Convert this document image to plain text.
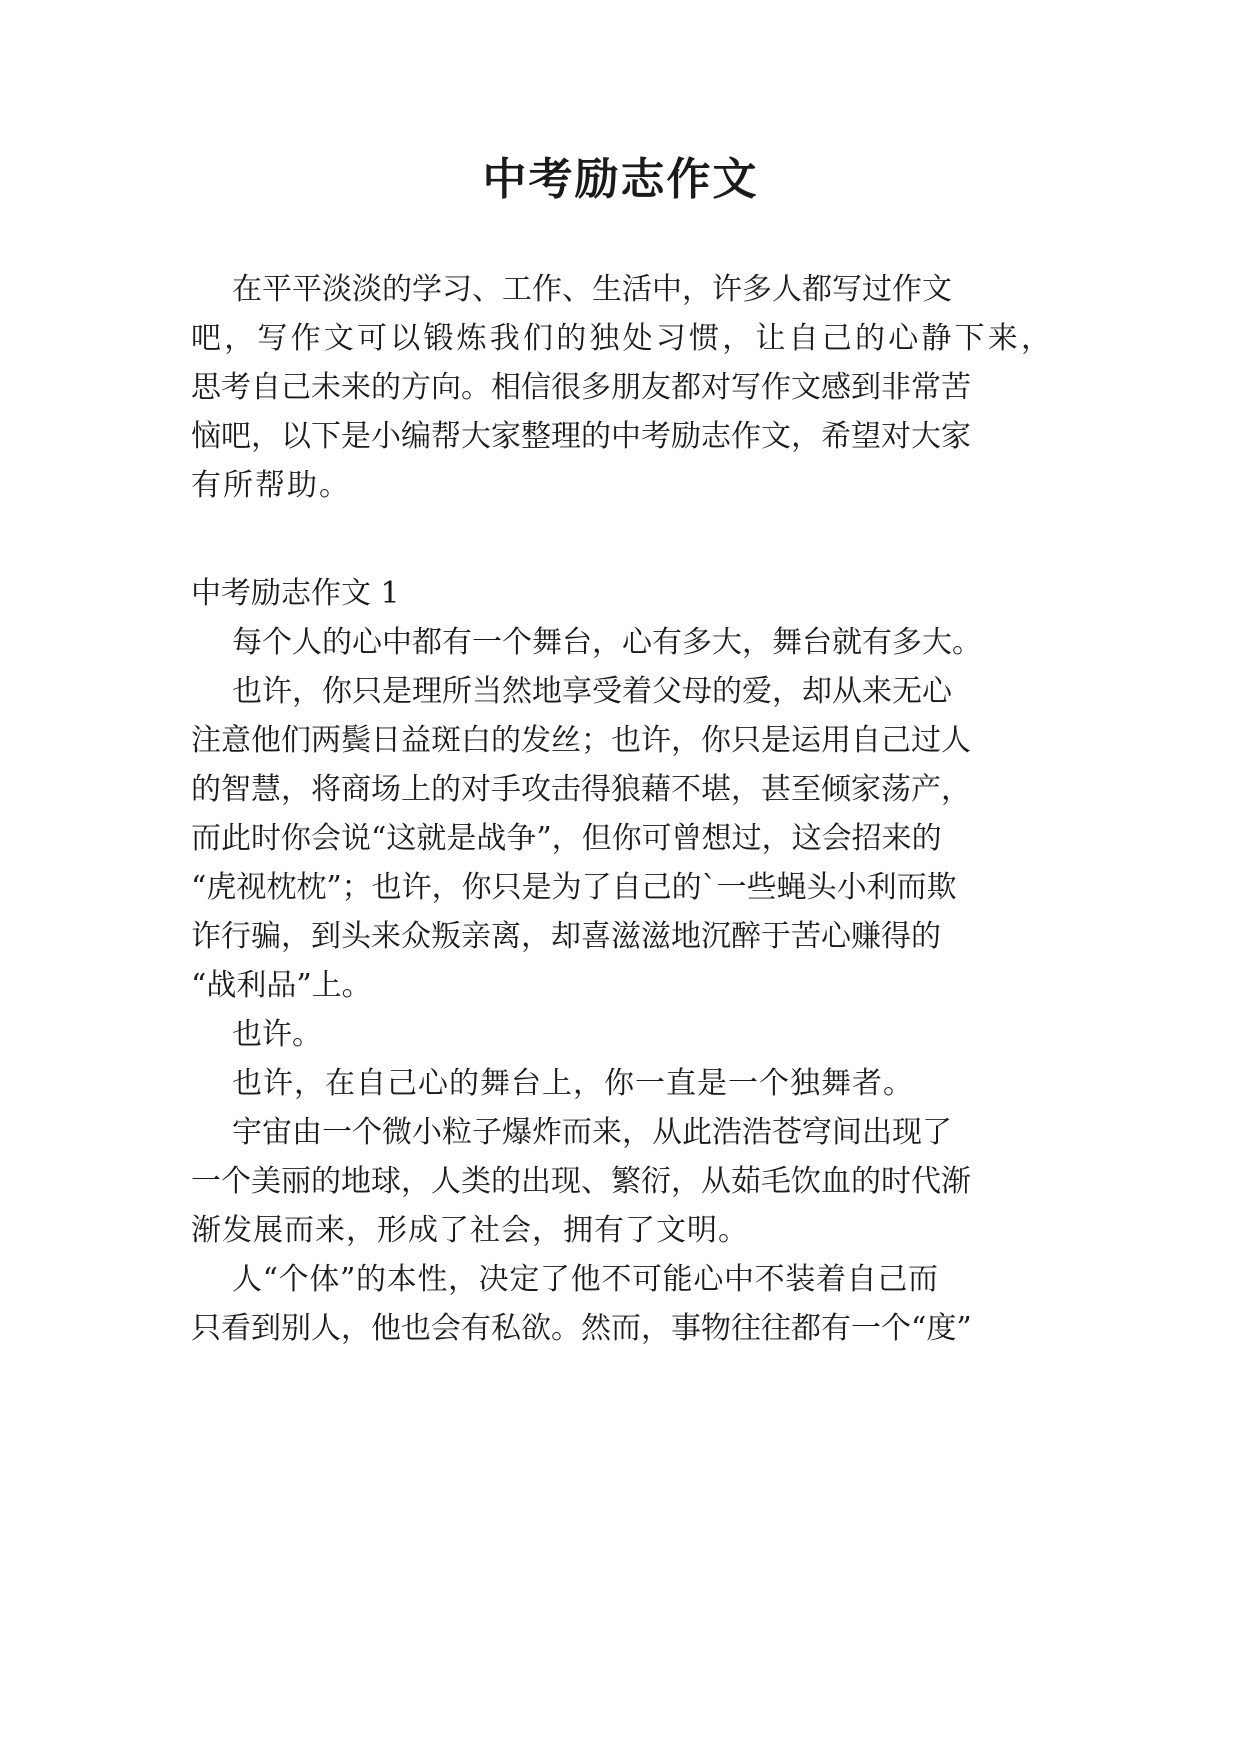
中考励志作文
在平平淡淡的学习、工作、生活中，许多人都写过作文
吧，写作文可以锻炼我们的独处习惯，让自己的心静下来，
思考自己未来的方向。相信很多朋友都对写作文感到非常苦
恼吧，以下是小编帮大家整理的中考励志作文，希望对大家
有所帮助。
中考励志作文 1
每个人的心中都有一个舞台，心有多大，舞台就有多大。
也许，你只是理所当然地享受着父母的爱，却从来无心
注意他们两鬓日益斑白的发丝；也许，你只是运用自己过人
的智慧，将商场上的对手攻击得狼藉不堪，甚至倾家荡产，
而此时你会说“这就是战争”，但你可曾想过，这会招来的
“虎视枕枕”；也许，你只是为了自己的`一些蝇头小利而欺
诈行骗，到头来众叛亲离，却喜滋滋地沉醉于苦心赚得的
“战利品”上。
也许。
也许，在自己心的舞台上，你一直是一个独舞者。
宇宙由一个微小粒子爆炸而来，从此浩浩苍穹间出现了
一个美丽的地球，人类的出现、繁衍，从茹毛饮血的时代渐
渐发展而来，形成了社会，拥有了文明。
人“个体”的本性，决定了他不可能心中不装着自己而
只看到别人，他也会有私欲。然而，事物往往都有一个“度”
